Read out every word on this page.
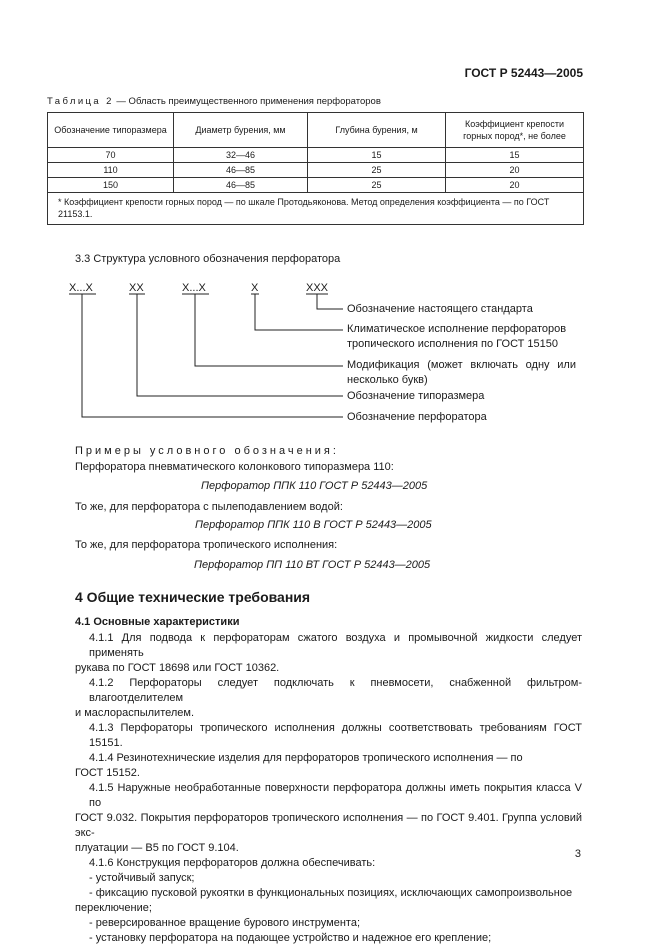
ГОСТ Р 52443—2005
Таблица 2 — Область преимущественного применения перфораторов
Обозначение типоразмера	Диаметр бурения, мм	Глубина бурения, м	Коэффициент крепости горных пород*, не более
70	32—46	15	15
110	46—85	25	20
150	46—85	25	20
* Коэффициент крепости горных пород — по шкале Протодьяконова. Метод определения коэффициента — по ГОСТ 21153.1.			
3.3 Структура условного обозначения перфоратора
Х...Х	ХХ	Х...Х	Х	ХХХ
Обозначение настоящего стандарта
Климатическое исполнение перфораторов
тропического исполнения по ГОСТ 15150
Модификация (может включать одну или
несколько букв)
Обозначение типоразмера
Обозначение перфоратора
Примеры условного обозначения:
Перфоратора пневматического колонкового типоразмера 110:
Перфоратор ППК 110 ГОСТ Р 52443—2005
То же, для перфоратора с пылеподавлением водой:
Перфоратор ППК 110 В ГОСТ Р 52443—2005
То же, для перфоратора тропического исполнения:
Перфоратор ПП 110 ВТ ГОСТ Р 52443—2005
4 Общие технические требования
4.1 Основные характеристики
4.1.1 Для подвода к перфораторам сжатого воздуха и промывочной жидкости следует применять
рукава по ГОСТ 18698 или ГОСТ 10362.
4.1.2 Перфораторы следует подключать к пневмосети, снабженной фильтром-влагоотделителем
и маслораспылителем.
4.1.3 Перфораторы тропического исполнения должны соответствовать требованиям ГОСТ 15151.
4.1.4 Резинотехнические изделия для перфораторов тропического исполнения — по
ГОСТ 15152.
4.1.5 Наружные необработанные поверхности перфоратора должны иметь покрытия класса V по
ГОСТ 9.032. Покрытия перфораторов тропического исполнения — по ГОСТ 9.401. Группа условий экс-
плуатации — В5 по ГОСТ 9.104.
4.1.6 Конструкция перфораторов должна обеспечивать:
- устойчивый запуск;
- фиксацию пусковой рукоятки в функциональных позициях, исключающих самопроизвольное
переключение;
- реверсированное вращение бурового инструмента;
- установку перфоратора на подающее устройство и надежное его крепление;
3
